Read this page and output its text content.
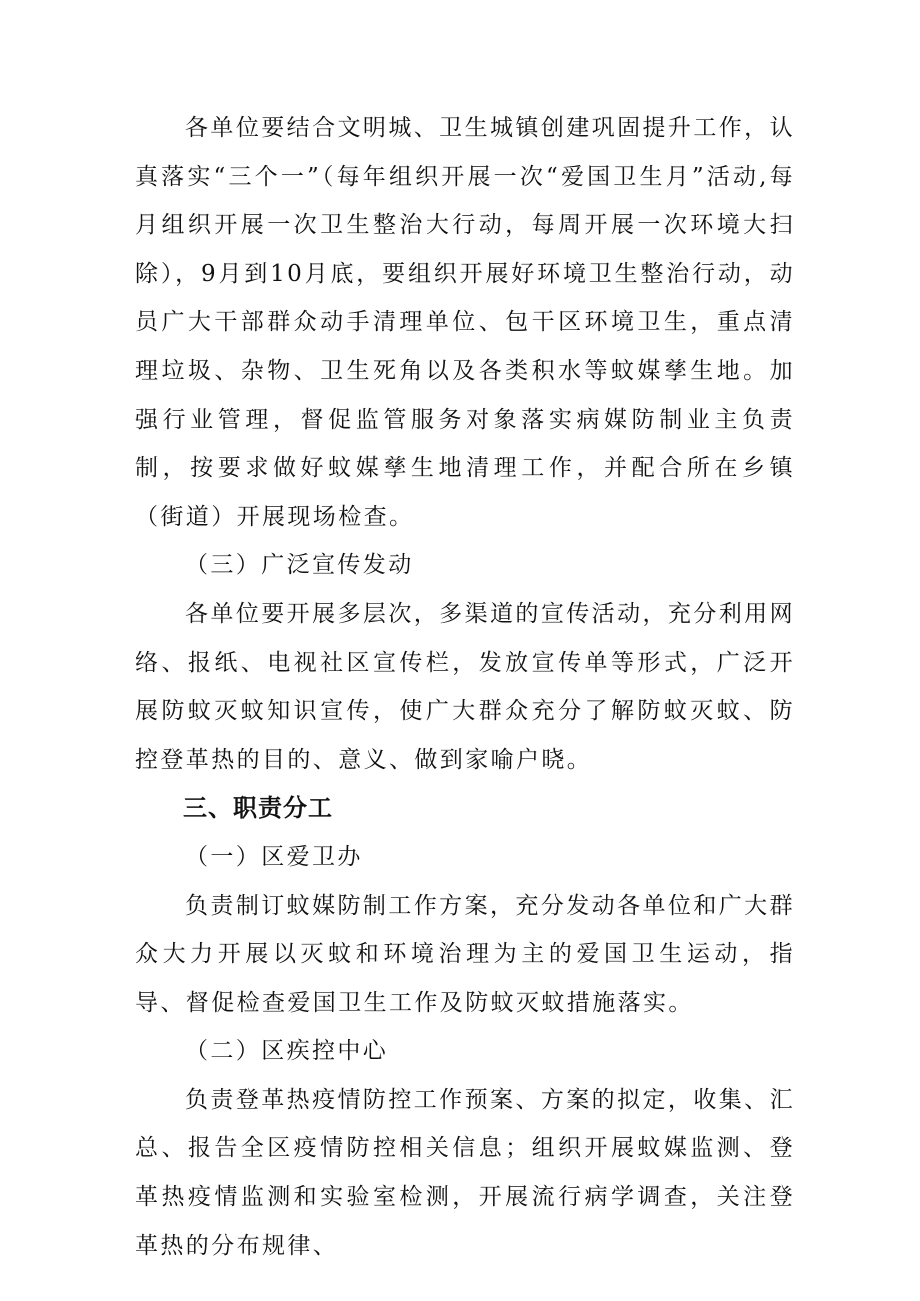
各单位要结合文明城、卫生城镇创建巩固提升工作，认真落实“三个一”（每年组织开展一次“爱国卫生月”活动,每月组织开展一次卫生整治大行动，每周开展一次环境大扫除），9月到10月底，要组织开展好环境卫生整治行动，动员广大干部群众动手清理单位、包干区环境卫生，重点清理垃圾、杂物、卫生死角以及各类积水等蚊媒孳生地。加强行业管理，督促监管服务对象落实病媒防制业主负责制，按要求做好蚊媒孳生地清理工作，并配合所在乡镇（街道）开展现场检查。

（三）广泛宣传发动

各单位要开展多层次，多渠道的宣传活动，充分利用网络、报纸、电视社区宣传栏，发放宣传单等形式，广泛开展防蚊灭蚊知识宣传，使广大群众充分了解防蚊灭蚊、防控登革热的目的、意义、做到家喻户晓。

三、职责分工

（一）区爱卫办

负责制订蚊媒防制工作方案，充分发动各单位和广大群众大力开展以灭蚊和环境治理为主的爱国卫生运动，指导、督促检查爱国卫生工作及防蚊灭蚊措施落实。

（二）区疾控中心

负责登革热疫情防控工作预案、方案的拟定，收集、汇总、报告全区疫情防控相关信息；组织开展蚊媒监测、登革热疫情监测和实验室检测，开展流行病学调查，关注登革热的分布规律、
